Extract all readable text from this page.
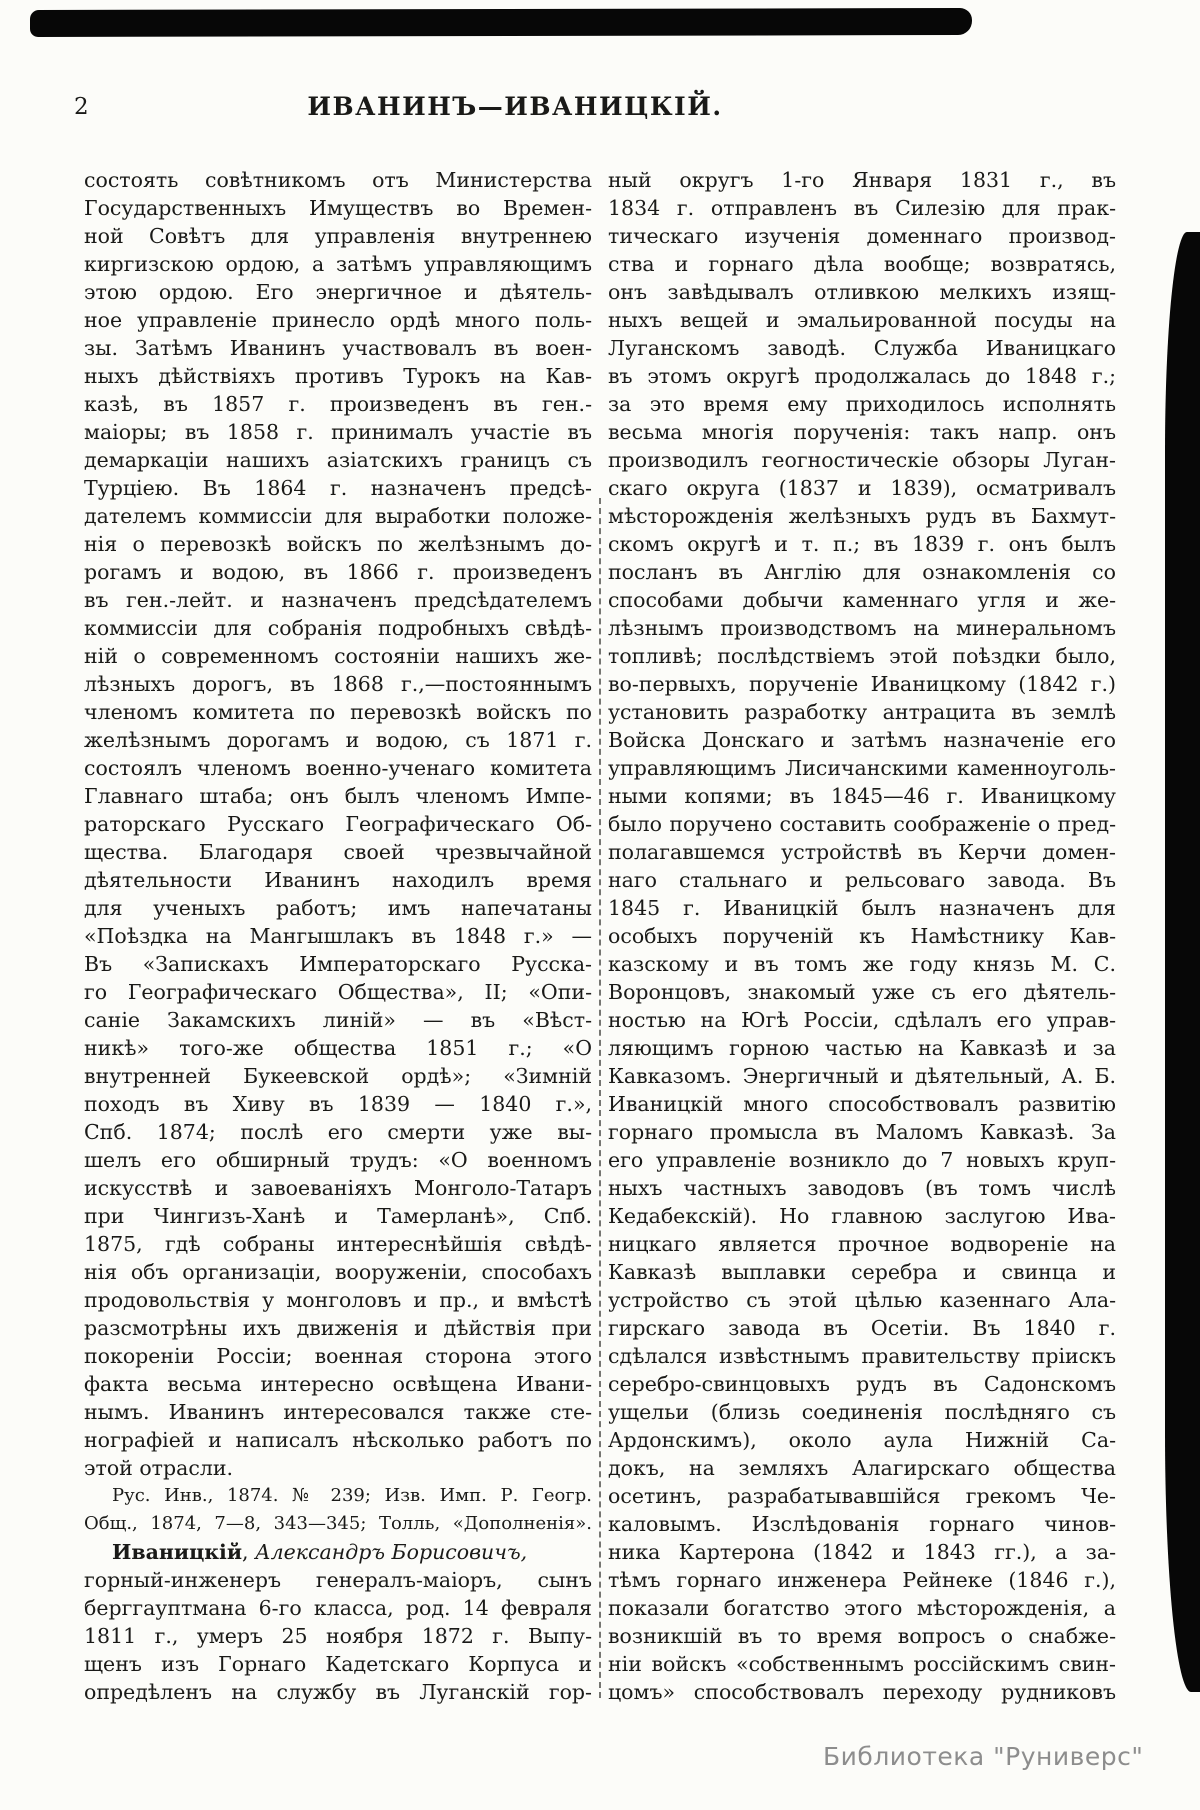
2	ИВАНИНЪ—ИВАНИЦКІЙ.
состоять совѣтникомъ отъ Министерства
Государственныхъ Имуществъ во Времен-
ной Совѣтъ для управленія внутреннею
киргизскою ордою, а затѣмъ управляющимъ
этою ордою. Его энергичное и дѣятель-
ное управленіе принесло ордѣ много поль-
зы. Затѣмъ Иванинъ участвовалъ въ воен-
ныхъ дѣйствіяхъ противъ Турокъ на Кав-
казѣ, въ 1857 г. произведенъ въ ген.-
маіоры; въ 1858 г. принималъ участіе въ
демаркаціи нашихъ азіатскихъ границъ съ
Турціею. Въ 1864 г. назначенъ предсѣ-
дателемъ коммиссіи для выработки положе-
нія о перевозкѣ войскъ по желѣзнымъ до-
рогамъ и водою, въ 1866 г. произведенъ
въ ген.-лейт. и назначенъ предсѣдателемъ
коммиссіи для собранія подробныхъ свѣдѣ-
ній о современномъ состояніи нашихъ же-
лѣзныхъ дорогъ, въ 1868 г.,—постояннымъ
членомъ комитета по перевозкѣ войскъ по
желѣзнымъ дорогамъ и водою, съ 1871 г.
состоялъ членомъ военно-ученаго комитета
Главнаго штаба; онъ былъ членомъ Импе-
раторскаго Русскаго Географическаго Об-
щества. Благодаря своей чрезвычайной
дѣятельности Иванинъ находилъ время
для ученыхъ работъ; имъ напечатаны
«Поѣздка на Мангышлакъ въ 1848 г.» —
Въ «Запискахъ Императорскаго Русска-
го Географическаго Общества», II; «Опи-
саніе Закамскихъ линій» — въ «Вѣст-
никѣ» того-же общества 1851 г.; «О
внутренней Букеевской ордѣ»; «Зимній
походъ въ Хиву въ 1839 — 1840 г.»,
Спб. 1874; послѣ его смерти уже вы-
шелъ его обширный трудъ: «О военномъ
искусствѣ и завоеваніяхъ Монголо-Татаръ
при Чингизъ-Ханѣ и Тамерланѣ», Спб.
1875, гдѣ собраны интереснѣйшія свѣдѣ-
нія объ организаціи, вооруженіи, способахъ
продовольствія у монголовъ и пр., и вмѣстѣ
разсмотрѣны ихъ движенія и дѣйствія при
покореніи Россіи; военная сторона этого
факта весьма интересно освѣщена Ивани-
нымъ. Иванинъ интересовался также сте-
нографіей и написалъ нѣсколько работъ по
этой отрасли.
Рус. Инв., 1874. № 239; Изв. Имп. Р. Геогр.
Общ., 1874, 7—8, 343—345; Толль, «Дополненія».
Иваницкій, Александръ Борисовичъ,
горный-инженеръ генералъ-маіоръ, сынъ
берггауптмана 6-го класса, род. 14 февраля
1811 г., умеръ 25 ноября 1872 г. Выпу-
щенъ изъ Горнаго Кадетскаго Корпуса и
опредѣленъ на службу въ Луганскій гор-
ный округъ 1-го Января 1831 г., въ
1834 г. отправленъ въ Силезію для прак-
тическаго изученія доменнаго производ-
ства и горнаго дѣла вообще; возвратясь,
онъ завѣдывалъ отливкою мелкихъ изящ-
ныхъ вещей и эмальированной посуды на
Луганскомъ заводѣ. Служба Иваницкаго
въ этомъ округѣ продолжалась до 1848 г.;
за это время ему приходилось исполнять
весьма многія порученія: такъ напр. онъ
производилъ геогностическіе обзоры Луган-
скаго округа (1837 и 1839), осматривалъ
мѣсторожденія желѣзныхъ рудъ въ Бахмут-
скомъ округѣ и т. п.; въ 1839 г. онъ былъ
посланъ въ Англію для ознакомленія со
способами добычи каменнаго угля и же-
лѣзнымъ производствомъ на минеральномъ
топливѣ; послѣдствіемъ этой поѣздки было,
во-первыхъ, порученіе Иваницкому (1842 г.)
установить разработку антрацита въ землѣ
Войска Донскаго и затѣмъ назначеніе его
управляющимъ Лисичанскими каменноуголь-
ными копями; въ 1845—46 г. Иваницкому
было поручено составить соображеніе о пред-
полагавшемся устройствѣ въ Керчи домен-
наго стальнаго и рельсоваго завода. Въ
1845 г. Иваницкій былъ назначенъ для
особыхъ порученій къ Намѣстнику Кав-
казскому и въ томъ же году князь М. С.
Воронцовъ, знакомый уже съ его дѣятель-
ностью на Югѣ Россіи, сдѣлалъ его управ-
ляющимъ горною частью на Кавказѣ и за
Кавказомъ. Энергичный и дѣятельный, А. Б.
Иваницкій много способствовалъ развитію
горнаго промысла въ Маломъ Кавказѣ. За
его управленіе возникло до 7 новыхъ круп-
ныхъ частныхъ заводовъ (въ томъ числѣ
Кедабекскій). Но главною заслугою Ива-
ницкаго является прочное водвореніе на
Кавказѣ выплавки серебра и свинца и
устройство съ этой цѣлью казеннаго Ала-
гирскаго завода въ Осетіи. Въ 1840 г.
сдѣлался извѣстнымъ правительству пріискъ
серебро-свинцовыхъ рудъ въ Садонскомъ
ущельи (близь соединенія послѣдняго съ
Ардонскимъ), около аула Нижній Са-
докъ, на земляхъ Алагирскаго общества
осетинъ, разрабатывавшійся грекомъ Че-
каловымъ. Изслѣдованія горнаго чинов-
ника Картерона (1842 и 1843 гг.), а за-
тѣмъ горнаго инженера Рейнеке (1846 г.),
показали богатство этого мѣсторожденія, а
возникшій въ то время вопросъ о снабже-
ніи войскъ «собственнымъ россійскимъ свин-
цомъ» способствовалъ переходу рудниковъ
Библиотека "Руниверс"
